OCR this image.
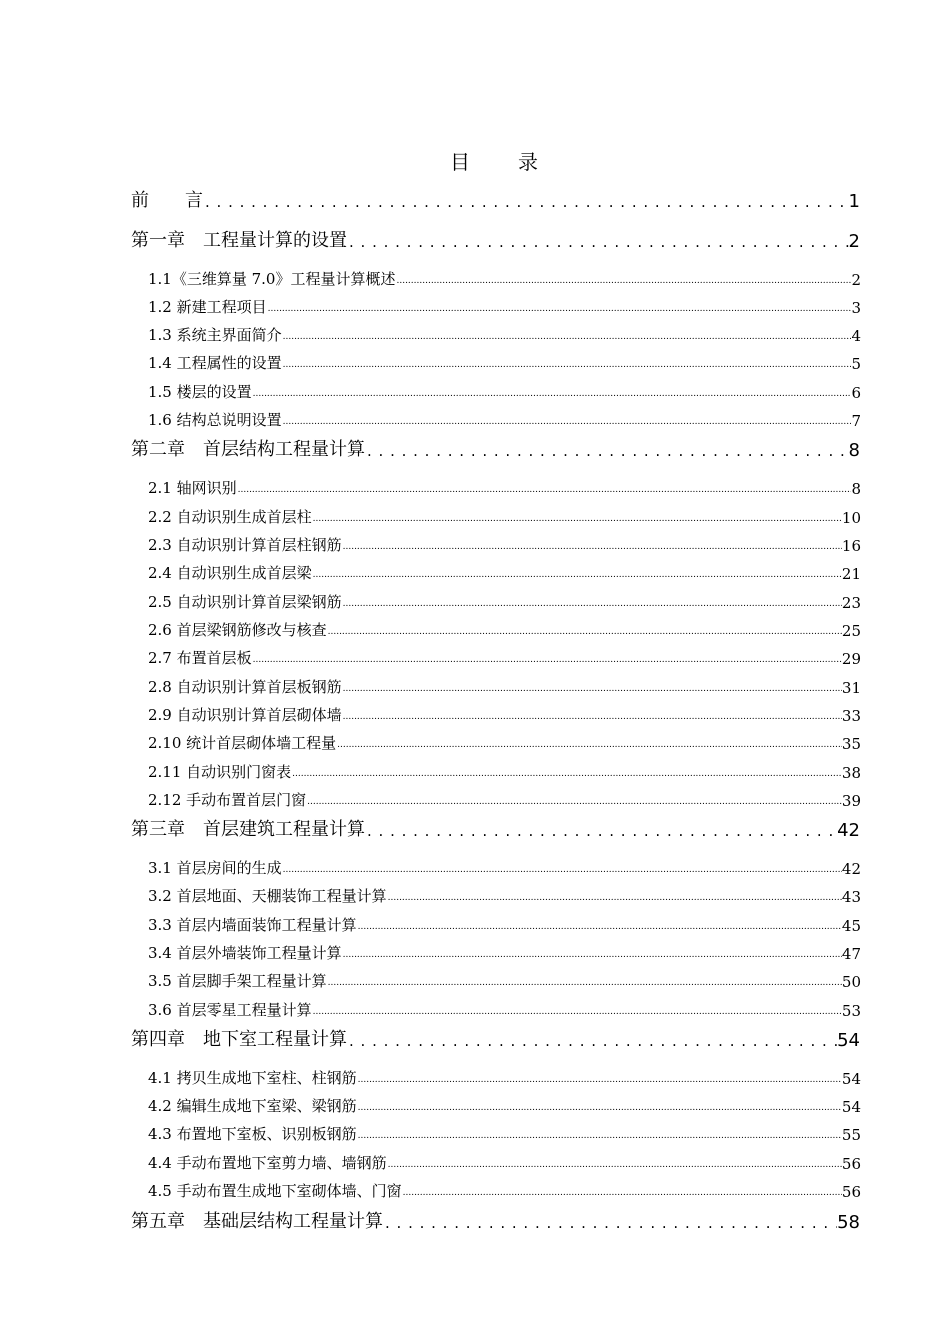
目 录
前　　言 . . .	1
第一章　工程量计算的设置 . . .	2
1.1《三维算量 7.0》工程量计算概述 .....	2
1.2 新建工程项目 .....	3
1.3 系统主界面简介 .....	4
1.4 工程属性的设置 .....	5
1.5 楼层的设置 .....	6
1.6 结构总说明设置 .....	7
第二章　首层结构工程量计算 . . .	8
2.1 轴网识别 .....	8
2.2 自动识别生成首层柱 .....	10
2.3 自动识别计算首层柱钢筋 .....	16
2.4 自动识别生成首层梁 .....	21
2.5 自动识别计算首层梁钢筋 .....	23
2.6 首层梁钢筋修改与核查 .....	25
2.7 布置首层板 .....	29
2.8 自动识别计算首层板钢筋 .....	31
2.9 自动识别计算首层砌体墙 .....	33
2.10 统计首层砌体墙工程量 .....	35
2.11 自动识别门窗表 .....	38
2.12 手动布置首层门窗 .....	39
第三章　首层建筑工程量计算 . . .	42
3.1 首层房间的生成 .....	42
3.2 首层地面、天棚装饰工程量计算 .....	43
3.3 首层内墙面装饰工程量计算 .....	45
3.4 首层外墙装饰工程量计算 .....	47
3.5 首层脚手架工程量计算 .....	50
3.6 首层零星工程量计算 .....	53
第四章　地下室工程量计算 . . .	54
4.1 拷贝生成地下室柱、柱钢筋 .....	54
4.2 编辑生成地下室梁、梁钢筋 .....	54
4.3 布置地下室板、识别板钢筋 .....	55
4.4 手动布置地下室剪力墙、墙钢筋 .....	56
4.5 手动布置生成地下室砌体墙、门窗 .....	56
第五章　基础层结构工程量计算 . . .	58
